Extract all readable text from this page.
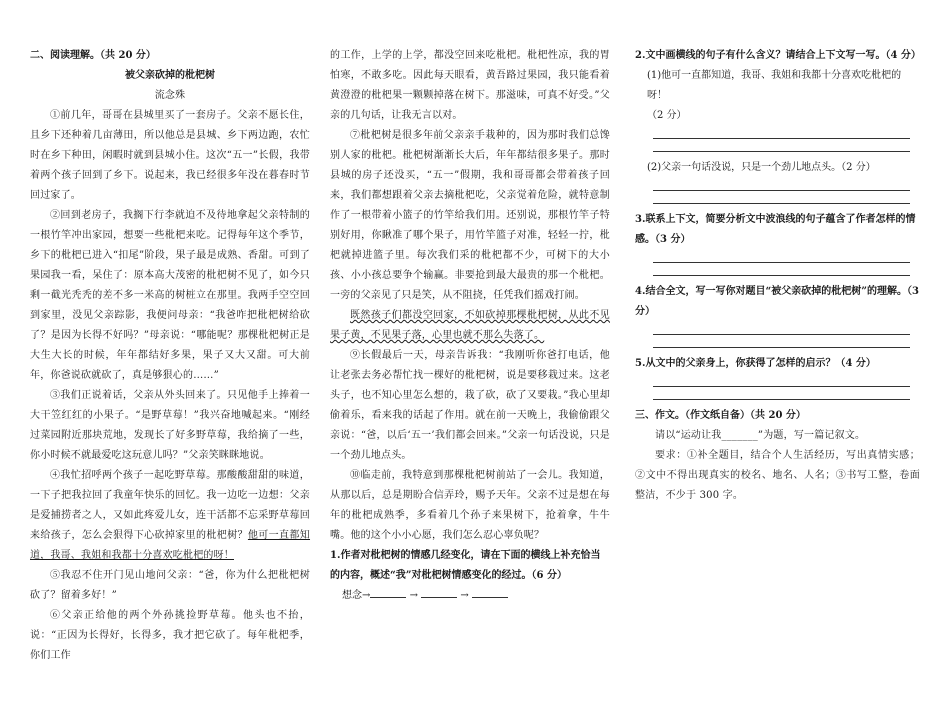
二、阅读理解。（共 20 分）

被父亲砍掉的枇杷树

流念殊

①前几年，哥哥在县城里买了一套房子。父亲不愿长住，且乡下还种着几亩薄田，所以他总是县城、乡下两边跑，农忙时在乡下种田，闲暇时就到县城小住。这次“五一”长假，我带着两个孩子回到了乡下。说起来，我已经很多年没在暮春时节回过家了。

②回到老房子，我搁下行李就迫不及待地拿起父亲特制的一根竹竿冲出家园，想要一些枇杷来吃。记得每年这个季节，乡下的枇杷已进入“扣尾”阶段，果子最是成熟、香甜。可到了果园我一看，呆住了：原本高大茂密的枇杷树不见了，如今只剩一截光秃秃的差不多一米高的树桩立在那里。我两手空空回到家里，没见父亲踪影，我便问母亲：“我爸咋把枇杷树给砍了？是因为长得不好吗？”母亲说：“哪能呢？那棵枇杷树正是大生大长的时候，年年都结好多果，果子又大又甜。可大前年，你爸说砍就砍了，真是够狠心的……”

③我们正说着话，父亲从外头回来了。只见他手上捧着一大干笠红红的小果子。“是野草莓！”我兴奋地喊起来。“刚经过菜园附近那块荒地，发现长了好多野草莓，我给摘了一些，你小时候不就最爱吃这玩意儿吗？”父亲笑眯眯地说。

④我忙招呼两个孩子一起吃野草莓。那酸酸甜甜的味道，一下子把我拉回了我童年快乐的回忆。我一边吃一边想：父亲是爱捕捞者之人，又如此疼爱儿女，连干活都不忘采野草莓回来给孩子，怎么会狠得下心砍掉家里的枇杷树？他可一直都知道，我哥、我姐和我都十分喜欢吃枇杷的呀！

⑤我忍不住开门见山地问父亲：“爸，你为什么把枇杷树砍了？留着多好！”

⑥父亲正给他的两个外孙挑捡野草莓。他头也不抬，说：“正因为长得好，长得多，我才把它砍了。每年枇杷季，你们工作

的工作，上学的上学，都没空回来吃枇杷。枇杷性凉，我的胃怕寒，不敢多吃。因此每天眼看，黄吾路过果园，我只能看着黄澄澄的枇杷果一颗颗掉落在树下。那滋味，可真不好受。”父亲的几句话，让我无言以对。

⑦枇杷树是很多年前父亲亲手栽种的，因为那时我们总馋别人家的枇杷。枇杷树渐渐长大后，年年都结很多果子。那时县城的房子还没买，“五一”假期，我和哥哥都会带着孩子回来，我们都想跟着父亲去摘枇杷吃，父亲觉着危险，就特意制作了一根带着小篮子的竹竿给我们用。还别说，那根竹竿子特别好用，你瞅准了哪个果子，用竹竿篮子对准，轻轻一拧，枇杷就掉进篮子里。每次我们采的枇杷都不少，可树下的大小孩、小小孩总要争个输赢。非要抢到最大最贵的那一个枇杷。一旁的父亲见了只是笑，从不阻挠，任凭我们摇戏打闹。

既然孩子们都没空回家，不如砍掉那棵枇杷树，从此不见果子黄，不见果子落，心里也就不那么失落了。

⑨长假最后一天，母亲告诉我：“我刚听你爸打电话，他让老张去务必帮忙找一棵好的枇杷树，说是要移栽过来。这老头子，也不知心里怎么想的，栽了砍，砍了又要栽。”我心里却偷着乐，看来我的话起了作用。就在前一天晚上，我偷偷跟父亲说：“爸，以后‘五一’我们都会回来。”父亲一句话没说，只是一个劲儿地点头。

⑩临走前，我特意到那棵枇杷树前站了一会儿。我知道，从那以后，总是期盼合信弄玲，赐予天年。父亲不过是想在每年的枇杷成熟季，多看着几个孙子来果树下，抢着拿，牛牛嘴。他的这个小小心愿，我们怎么忍心辜负呢？

1.作者对枇杷树的情感几经变化，请在下面的横线上补充恰当的内容，概述“我”对枇杷树情感变化的经过。（6 分）

想念→	→	→

2.文中画横线的句子有什么含义？请结合上下文写一写。（4 分）

(1)他可一直都知道，我哥、我姐和我都十分喜欢吃枇杷的呀！

（2 分）

(2)父亲一句话没说，只是一个劲儿地点头。（2 分）

3.联系上下文，简要分析文中波浪线的句子蕴含了作者怎样的情感。（3 分）

4.结合全文，写一写你对题目“被父亲砍掉的枇杷树”的理解。（3 分）

5.从文中的父亲身上，你获得了怎样的启示？（4 分）

三、作文。（作文纸自备）（共 20 分）

请以“运动让我_______”为题，写一篇记叙文。

要求：①补全题目，结合个人生活经历，写出真情实感；②文中不得出现真实的校名、地名、人名；③书写工整，卷面整洁，不少于 300 字。
